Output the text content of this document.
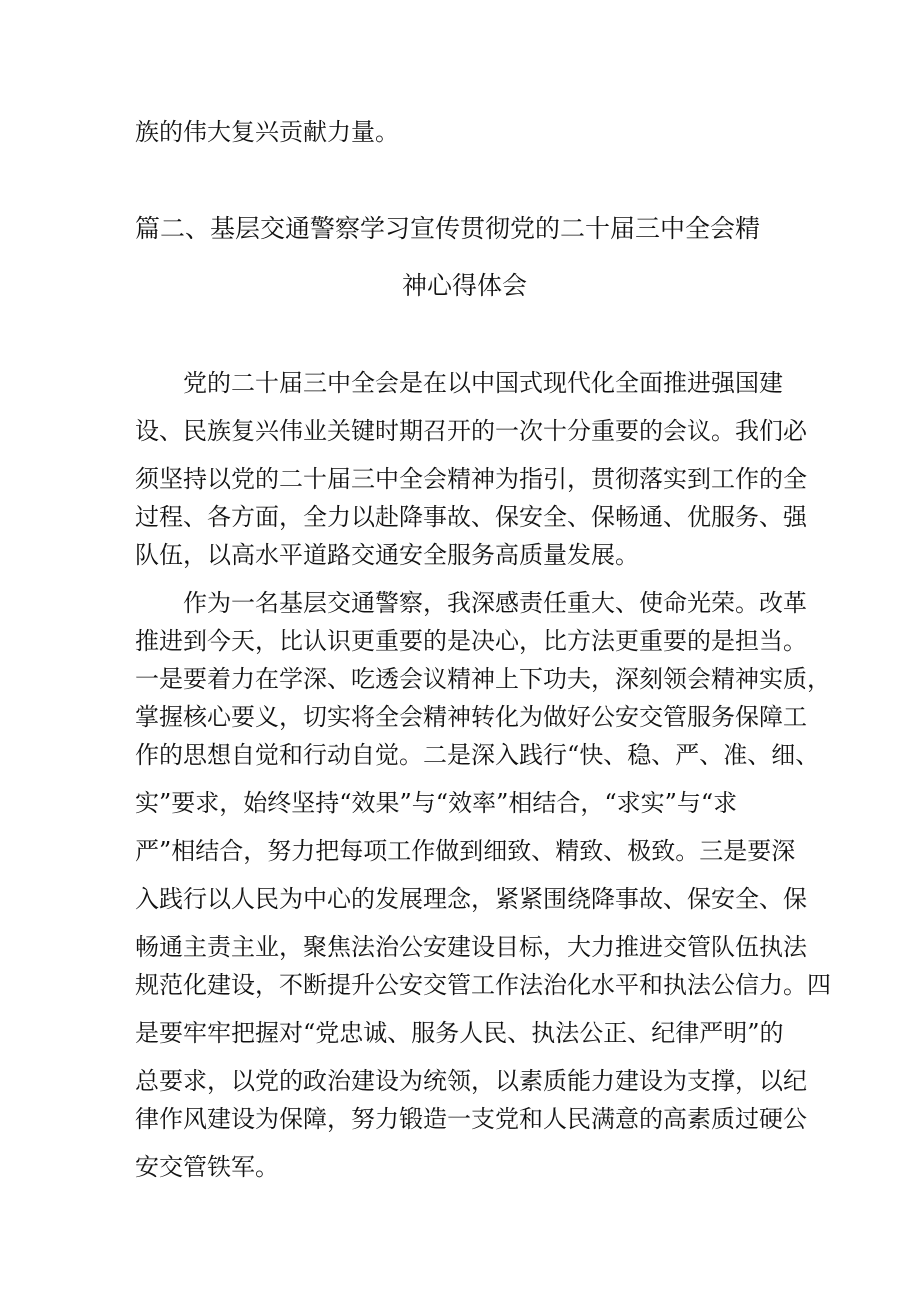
族的伟大复兴贡献力量。

篇二、基层交通警察学习宣传贯彻党的二十届三中全会精
神心得体会

党的二十届三中全会是在以中国式现代化全面推进强国建

设、民族复兴伟业关键时期召开的一次十分重要的会议。我们必

须坚持以党的二十届三中全会精神为指引，贯彻落实到工作的全

过程、各方面，全力以赴降事故、保安全、保畅通、优服务、强

队伍，以高水平道路交通安全服务高质量发展。

作为一名基层交通警察，我深感责任重大、使命光荣。改革

推进到今天，比认识更重要的是决心，比方法更重要的是担当。

一是要着力在学深、吃透会议精神上下功夫，深刻领会精神实质，

掌握核心要义，切实将全会精神转化为做好公安交管服务保障工

作的思想自觉和行动自觉。二是深入践行“快、稳、严、准、细、

实”要求，始终坚持“效果”与“效率”相结合，“求实”与“求

严”相结合，努力把每项工作做到细致、精致、极致。三是要深

入践行以人民为中心的发展理念，紧紧围绕降事故、保安全、保

畅通主责主业，聚焦法治公安建设目标，大力推进交管队伍执法

规范化建设，不断提升公安交管工作法治化水平和执法公信力。四

是要牢牢把握对“党忠诚、服务人民、执法公正、纪律严明”的

总要求，以党的政治建设为统领，以素质能力建设为支撑，以纪

律作风建设为保障，努力锻造一支党和人民满意的高素质过硬公

安交管铁军。
